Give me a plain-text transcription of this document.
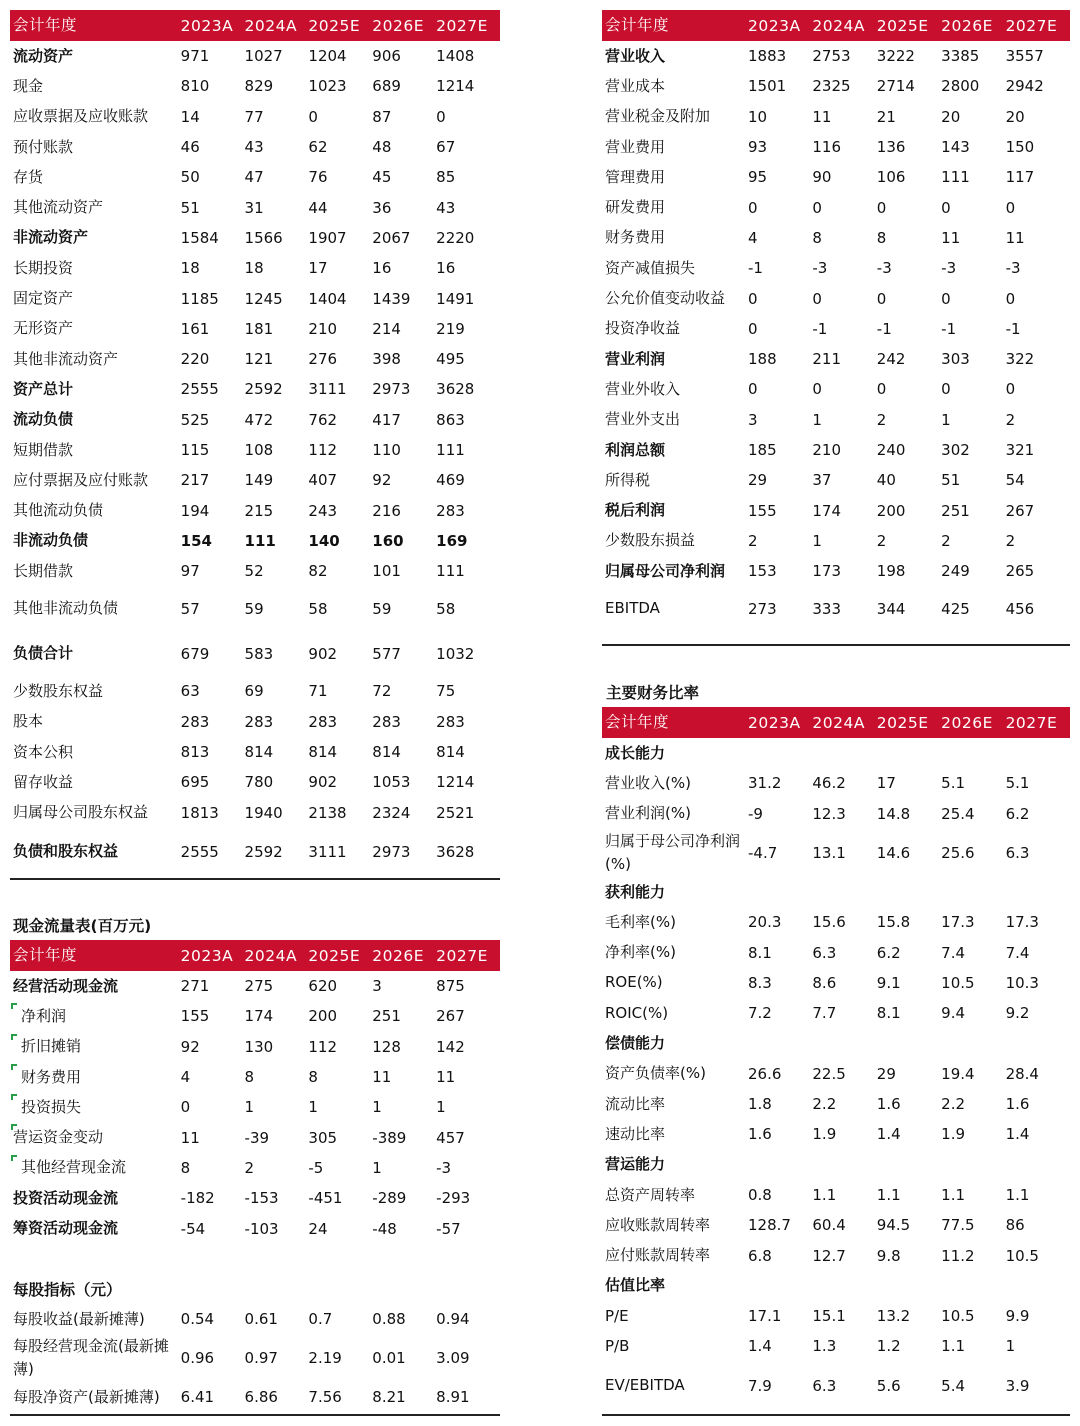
会计年度	2023A 2024A 2025E 2026E 2027E
流动资产	971	1027	1204	906	1408
现金	810	829	1023	689	1214
应收票据及应收账款	14	77	0	87	0
预付账款	46	43	62	48	67
存货	50	47	76	45	85
其他流动资产	51	31	44	36	43
非流动资产	1584	1566	1907	2067	2220
长期投资	18	18	17	16	16
固定资产	1185	1245	1404	1439	1491
无形资产	161	181	210	214	219
其他非流动资产	220	121	276	398	495
资产总计	2555	2592	3111	2973	3628
流动负债	525	472	762	417	863
短期借款	115	108	112	110	111
应付票据及应付账款	217	149	407	92	469
其他流动负债	194	215	243	216	283
非流动负债	154	111	140	160	169
长期借款	97	52	82	101	111
其他非流动负债	57	59	58	59	58
负债合计	679	583	902	577	1032
少数股东权益	63	69	71	72	75
股本	283	283	283	283	283
资本公积	813	814	814	814	814
留存收益	695	780	902	1053	1214
归属母公司股东权益	1813	1940	2138	2324	2521
负债和股东权益	2555	2592	3111	2973	3628
现金流量表(百万元)
会计年度	2023A 2024A 2025E 2026E 2027E
经营活动现金流	271	275	620	3	875
净利润	155	174	200	251	267
折旧摊销	92	130	112	128	142
财务费用	4	8	8	11	11
投资损失	0	1	1	1	1
营运资金变动	11	-39	305	-389	457
其他经营现金流	8	2	-5	1	-3
投资活动现金流	-182	-153	-451	-289	-293
筹资活动现金流	-54	-103	24	-48	-57
每股指标（元）
每股收益(最新摊薄)	0.54	0.61	0.7	0.88	0.94
每股经营现金流(最新摊薄)
0.96	0.97	2.19	0.01	3.09
每股净资产(最新摊薄)	6.41	6.86	7.56	8.21	8.91
会计年度	2023A 2024A 2025E 2026E 2027E
营业收入	1883	2753	3222	3385	3557
营业成本	1501	2325	2714	2800	2942
营业税金及附加	10	11	21	20	20
营业费用	93	116	136	143	150
管理费用	95	90	106	111	117
研发费用	0	0	0	0	0
财务费用	4	8	8	11	11
资产减值损失	-1	-3	-3	-3	-3
公允价值变动收益	0	0	0	0	0
投资净收益	0	-1	-1	-1	-1
营业利润	188	211	242	303	322
营业外收入	0	0	0	0	0
营业外支出	3	1	2	1	2
利润总额	185	210	240	302	321
所得税	29	37	40	51	54
税后利润	155	174	200	251	267
少数股东损益	2	1	2	2	2
归属母公司净利润	153	173	198	249	265
EBITDA	273	333	344	425	456
主要财务比率
会计年度	2023A 2024A 2025E 2026E 2027E
成长能力
营业收入(%)	31.2	46.2	17	5.1	5.1
营业利润(%)	-9	12.3	14.8	25.4	6.2
归属于母公司净利润(%)
-4.7	13.1	14.6	25.6	6.3
获利能力
毛利率(%)	20.3	15.6	15.8	17.3	17.3
净利率(%)	8.1	6.3	6.2	7.4	7.4
ROE(%)	8.3	8.6	9.1	10.5	10.3
ROIC(%)	7.2	7.7	8.1	9.4	9.2
偿债能力
资产负债率(%)	26.6	22.5	29	19.4	28.4
流动比率	1.8	2.2	1.6	2.2	1.6
速动比率	1.6	1.9	1.4	1.9	1.4
营运能力
总资产周转率	0.8	1.1	1.1	1.1	1.1
应收账款周转率	128.7	60.4	94.5	77.5	86
应付账款周转率	6.8	12.7	9.8	11.2	10.5
估值比率
P/E	17.1	15.1	13.2	10.5	9.9
P/B	1.4	1.3	1.2	1.1	1
EV/EBITDA	7.9	6.3	5.6	5.4	3.9
